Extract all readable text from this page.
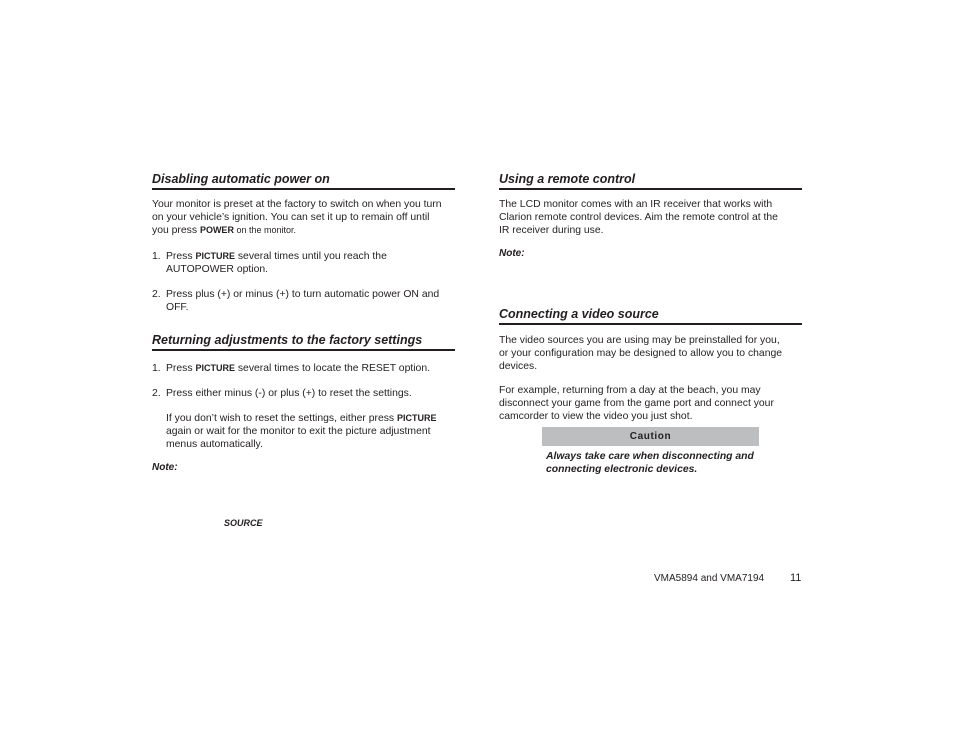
Disabling automatic power on
Your monitor is preset at the factory to switch on when you turn
on your vehicle’s ignition. You can set it up to remain off until
you press POWER on the monitor.
1. Press PICTURE several times until you reach the
AUTOPOWER option.
2. Press plus (+) or minus (+) to turn automatic power ON and
OFF.
Returning adjustments to the factory settings
1. Press PICTURE several times to locate the RESET option.
2. Press either minus (-) or plus (+) to reset the settings.
If you don’t wish to reset the settings, either press PICTURE
again or wait for the monitor to exit the picture adjustment
menus automatically.
Note:
SOURCE
Using a remote control
The LCD monitor comes with an IR receiver that works with
Clarion remote control devices. Aim the remote control at the
IR receiver during use.
Note:
Connecting a video source
The video sources you are using may be preinstalled for you,
or your configuration may be designed to allow you to change
devices.
For example, returning from a day at the beach, you may
disconnect your game from the game port and connect your
camcorder to view the video you just shot.
Caution
Always take care when disconnecting and
connecting electronic devices.
VMA5894 and VMA7194 11
